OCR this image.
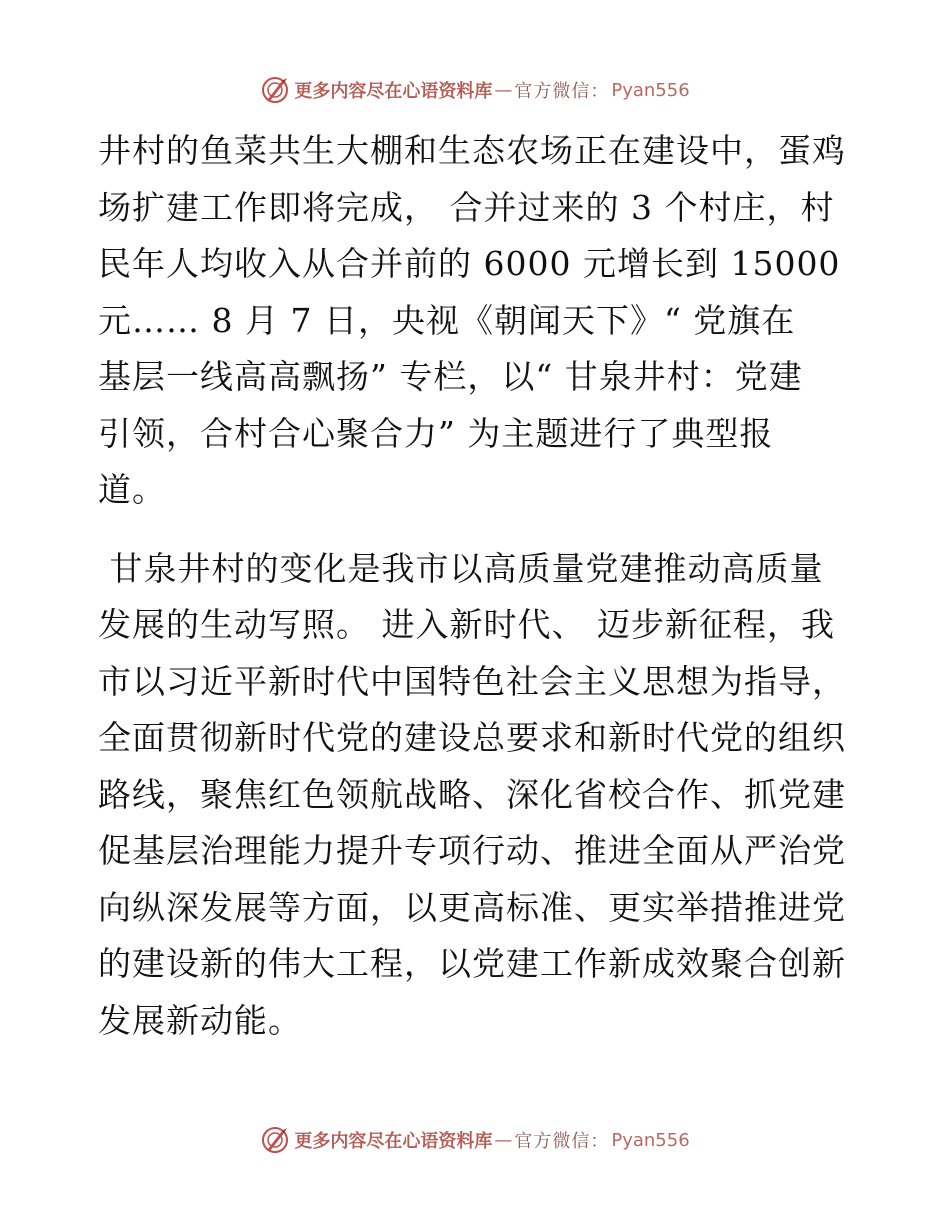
更多内容尽在心语资料库 — 官方微信： Pyan556
井村的鱼菜共生大棚和生态农场正在建设中，蛋鸡
场扩建工作即将完成， 合并过来的 3 个村庄，村
民年人均收入从合并前的 6000 元增长到 15000
元…… 8 月 7 日，央视《朝闻天下》“ 党旗在
基层一线高高飘扬” 专栏，以“ 甘泉井村：党建
引领，合村合心聚合力” 为主题进行了典型报
道。
甘泉井村的变化是我市以高质量党建推动高质量
发展的生动写照。 进入新时代、 迈步新征程，我
市以习近平新时代中国特色社会主义思想为指导，
全面贯彻新时代党的建设总要求和新时代党的组织
路线，聚焦红色领航战略、深化省校合作、抓党建
促基层治理能力提升专项行动、推进全面从严治党
向纵深发展等方面，以更高标准、更实举措推进党
的建设新的伟大工程，以党建工作新成效聚合创新
发展新动能。
更多内容尽在心语资料库 — 官方微信： Pyan556
